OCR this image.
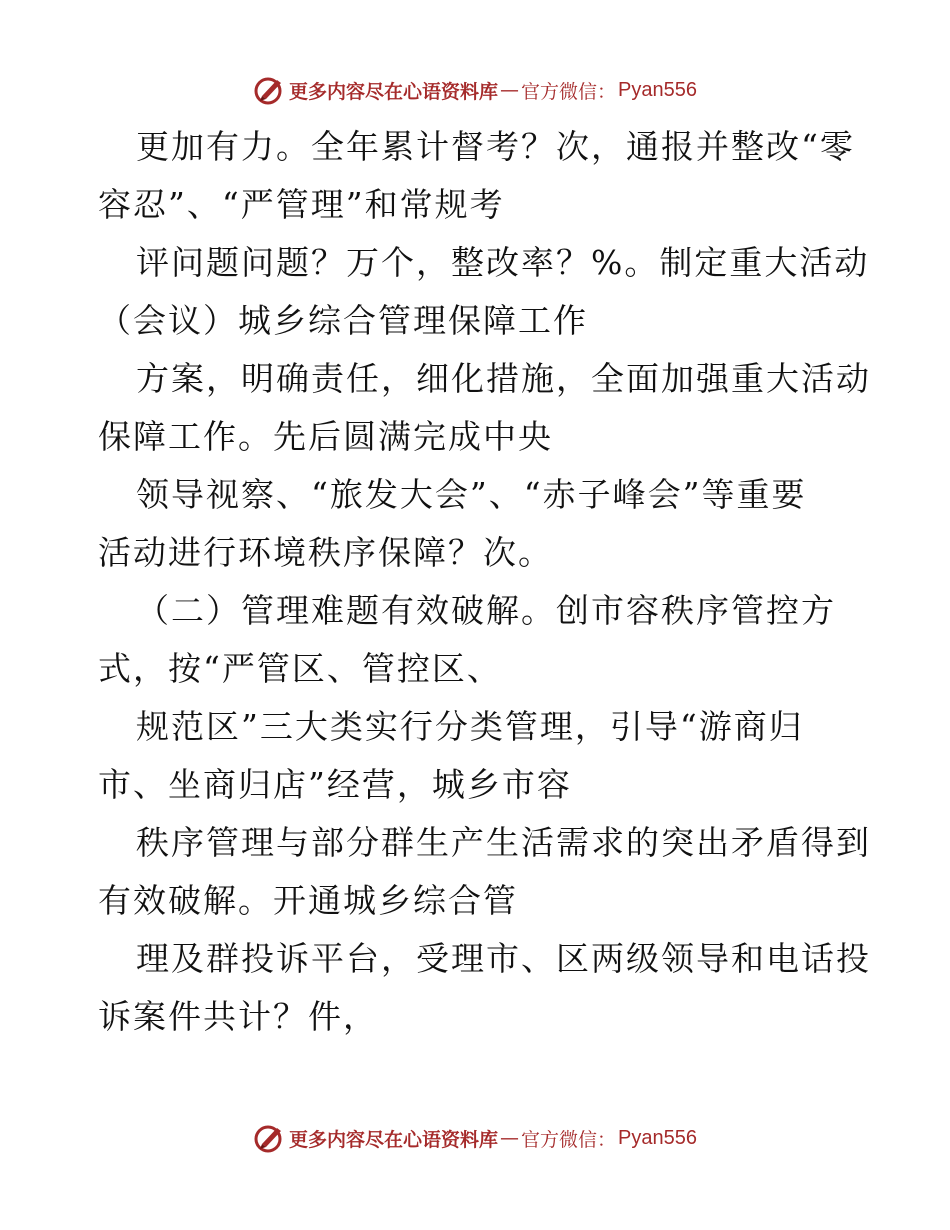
更多内容尽在心语资料库 — 官方微信： Pyan556
更加有力。全年累计督考？次，通报并整改“零
容忍”、“严管理”和常规考
评问题问题？万个，整改率？%。制定重大活动
（会议）城乡综合管理保障工作
方案，明确责任，细化措施，全面加强重大活动
保障工作。先后圆满完成中央
领导视察、“旅发大会”、“赤子峰会”等重要
活动进行环境秩序保障？次。
（二）管理难题有效破解。创市容秩序管控方
式，按“严管区、管控区、
规范区”三大类实行分类管理，引导“游商归
市、坐商归店”经营，城乡市容
秩序管理与部分群生产生活需求的突出矛盾得到
有效破解。开通城乡综合管
理及群投诉平台，受理市、区两级领导和电话投
诉案件共计？件，
更多内容尽在心语资料库 — 官方微信： Pyan556
